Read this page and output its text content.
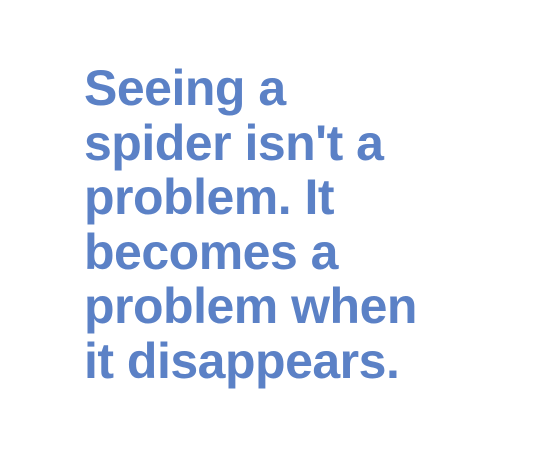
Seeing a
spider isn't a
problem. It
becomes a
problem when
it disappears.
